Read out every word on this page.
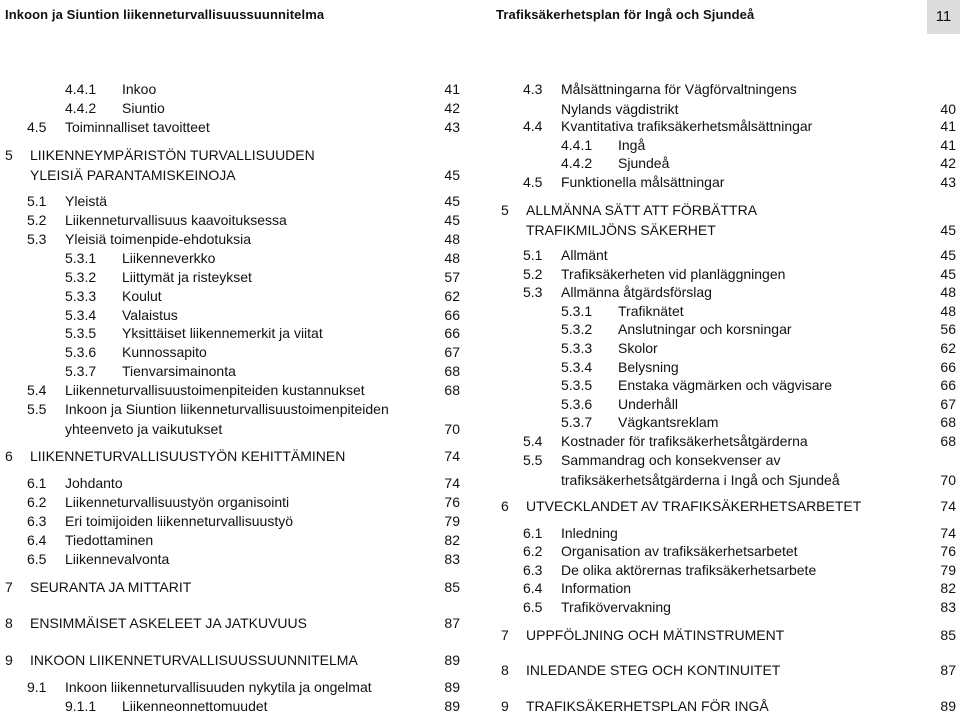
Inkoon ja Siuntion liikenneturvallisuussuunnitelma	Trafiksäkerhetsplan för Ingå och Sjundeå	11
4.4.1	Inkoo	41
4.4.2	Siuntio	42
4.5	Toiminnalliset tavoitteet	43
5	LIIKENNEYMPÄRISTÖN TURVALLISUUDEN
YLEISIÄ PARANTAMISKEINOJA	45
5.1	Yleistä	45
5.2	Liikenneturvallisuus kaavoituksessa	45
5.3	Yleisiä toimenpide-ehdotuksia	48
5.3.1	Liikenneverkko	48
5.3.2	Liittymät ja risteykset	57
5.3.3	Koulut	62
5.3.4	Valaistus	66
5.3.5	Yksittäiset liikennemerkit ja viitat	66
5.3.6	Kunnossapito	67
5.3.7	Tienvarsimainonta	68
5.4	Liikenneturvallisuustoimenpiteiden kustannukset	68
5.5	Inkoon ja Siuntion liikenneturvallisuustoimenpiteiden
yhteenveto ja vaikutukset	70
6	LIIKENNETURVALLISUUSTYÖN KEHITTÄMINEN	74
6.1	Johdanto	74
6.2	Liikenneturvallisuustyön organisointi	76
6.3	Eri toimijoiden liikenneturvallisuustyö	79
6.4	Tiedottaminen	82
6.5	Liikennevalvonta	83
7	SEURANTA JA MITTARIT	85
8	ENSIMMÄISET ASKELEET JA JATKUVUUS	87
9	INKOON LIIKENNETURVALLISUUSSUUNNITELMA	89
9.1	Inkoon liikenneturvallisuuden nykytila ja ongelmat	89
9.1.1	Liikenneonnettomuudet	89
4.3	Målsättningarna för Vägförvaltningens
Nylands vägdistrikt	40
4.4	Kvantitativa trafiksäkerhetsmålsättningar	41
4.4.1	Ingå	41
4.4.2	Sjundeå	42
4.5	Funktionella målsättningar	43
5	ALLMÄNNA SÄTT ATT FÖRBÄTTRA
TRAFIKMILJÖNS SÄKERHET	45
5.1	Allmänt	45
5.2	Trafiksäkerheten vid planläggningen	45
5.3	Allmänna åtgärdsförslag	48
5.3.1	Trafiknätet	48
5.3.2	Anslutningar och korsningar	56
5.3.3	Skolor	62
5.3.4	Belysning	66
5.3.5	Enstaka vägmärken och vägvisare	66
5.3.6	Underhåll	67
5.3.7	Vägkantsreklam	68
5.4	Kostnader för trafiksäkerhetsåtgärderna	68
5.5	Sammandrag och konsekvenser av
trafiksäkerhetsåtgärderna i Ingå och Sjundeå	70
6	UTVECKLANDET AV TRAFIKSÄKERHETSARBETET	74
6.1	Inledning	74
6.2	Organisation av trafiksäkerhetsarbetet	76
6.3	De olika aktörernas trafiksäkerhetsarbete	79
6.4	Information	82
6.5	Trafikövervakning	83
7	UPPFÖLJNING OCH MÄTINSTRUMENT	85
8	INLEDANDE STEG OCH KONTINUITET	87
9	TRAFIKSÄKERHETSPLAN FÖR INGÅ	89
